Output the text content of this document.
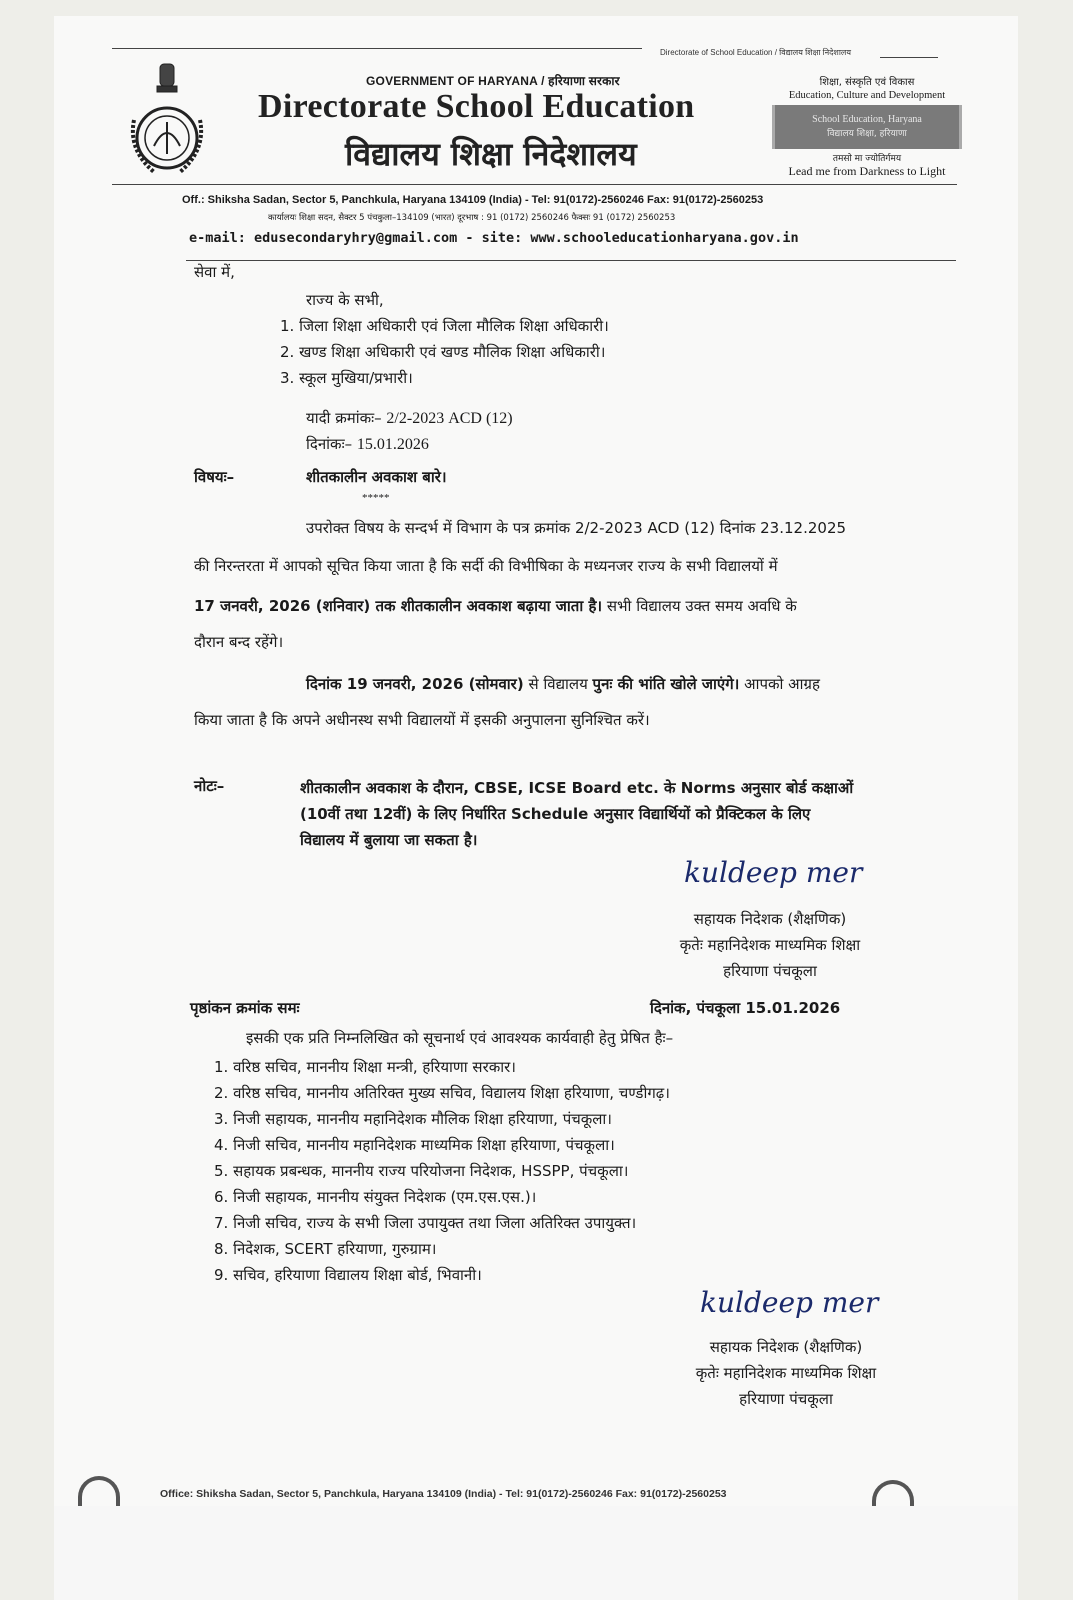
Directorate of School Education / विद्यालय शिक्षा निदेशालय
GOVERNMENT OF HARYANA / हरियाणा सरकार
Directorate School Education
विद्यालय शिक्षा निदेशालय
शिक्षा, संस्कृति एवं विकास
Education, Culture and Development
School Education, Haryana
विद्यालय शिक्षा, हरियाणा
तमसो मा ज्योतिर्गमय
Lead me from Darkness to Light
Off.: Shiksha Sadan, Sector 5, Panchkula, Haryana 134109 (India) - Tel: 91(0172)-2560246 Fax: 91(0172)-2560253
कार्यालयः शिक्षा सदन, सैक्टर 5 पंचकुला–134109 (भारत) दूरभाष : 91 (0172) 2560246 फैक्सः 91 (0172) 2560253
e-mail: edusecondaryhry@gmail.com - site: www.schooleducationharyana.gov.in
सेवा में,
राज्य के सभी,
1. जिला शिक्षा अधिकारी एवं जिला मौलिक शिक्षा अधिकारी।
2. खण्ड शिक्षा अधिकारी एवं खण्ड मौलिक शिक्षा अधिकारी।
3. स्कूल मुखिया/प्रभारी।
यादी क्रमांकः– 2/2-2023 ACD (12)
दिनांकः– 15.01.2026
विषयः–	शीतकालीन अवकाश बारे।
*****
उपरोक्त विषय के सन्दर्भ में विभाग के पत्र क्रमांक 2/2-2023 ACD (12) दिनांक 23.12.2025
की निरन्तरता में आपको सूचित किया जाता है कि सर्दी की विभीषिका के मध्यनजर राज्य के सभी विद्यालयों में
17 जनवरी, 2026 (शनिवार) तक शीतकालीन अवकाश बढ़ाया जाता है। सभी विद्यालय उक्त समय अवधि के
दौरान बन्द रहेंगे।
दिनांक 19 जनवरी, 2026 (सोमवार) से विद्यालय पुनः की भांति खोले जाएंगे। आपको आग्रह
किया जाता है कि अपने अधीनस्थ सभी विद्यालयों में इसकी अनुपालना सुनिश्चित करें।
नोटः–	शीतकालीन अवकाश के दौरान, CBSE, ICSE Board etc. के Norms अनुसार बोर्ड कक्षाओं
(10वीं तथा 12वीं) के लिए निर्धारित Schedule अनुसार विद्यार्थियों को प्रैक्टिकल के लिए
विद्यालय में बुलाया जा सकता है।
kuldeep mer
सहायक निदेशक (शैक्षणिक)
कृतेः महानिदेशक माध्यमिक शिक्षा
हरियाणा पंचकूला
पृष्ठांकन क्रमांक समः	दिनांक, पंचकूला 15.01.2026
इसकी एक प्रति निम्नलिखित को सूचनार्थ एवं आवश्यक कार्यवाही हेतु प्रेषित हैः–
1. वरिष्ठ सचिव, माननीय शिक्षा मन्त्री, हरियाणा सरकार।
2. वरिष्ठ सचिव, माननीय अतिरिक्त मुख्य सचिव, विद्यालय शिक्षा हरियाणा, चण्डीगढ़।
3. निजी सहायक, माननीय महानिदेशक मौलिक शिक्षा हरियाणा, पंचकूला।
4. निजी सचिव, माननीय महानिदेशक माध्यमिक शिक्षा हरियाणा, पंचकूला।
5. सहायक प्रबन्धक, माननीय राज्य परियोजना निदेशक, HSSPP, पंचकूला।
6. निजी सहायक, माननीय संयुक्त निदेशक (एम.एस.एस.)।
7. निजी सचिव, राज्य के सभी जिला उपायुक्त तथा जिला अतिरिक्त उपायुक्त।
8. निदेशक, SCERT हरियाणा, गुरुग्राम।
9. सचिव, हरियाणा विद्यालय शिक्षा बोर्ड, भिवानी।
kuldeep mer
सहायक निदेशक (शैक्षणिक)
कृतेः महानिदेशक माध्यमिक शिक्षा
हरियाणा पंचकूला
Office: Shiksha Sadan, Sector 5, Panchkula, Haryana 134109 (India) - Tel: 91(0172)-2560246 Fax: 91(0172)-2560253
